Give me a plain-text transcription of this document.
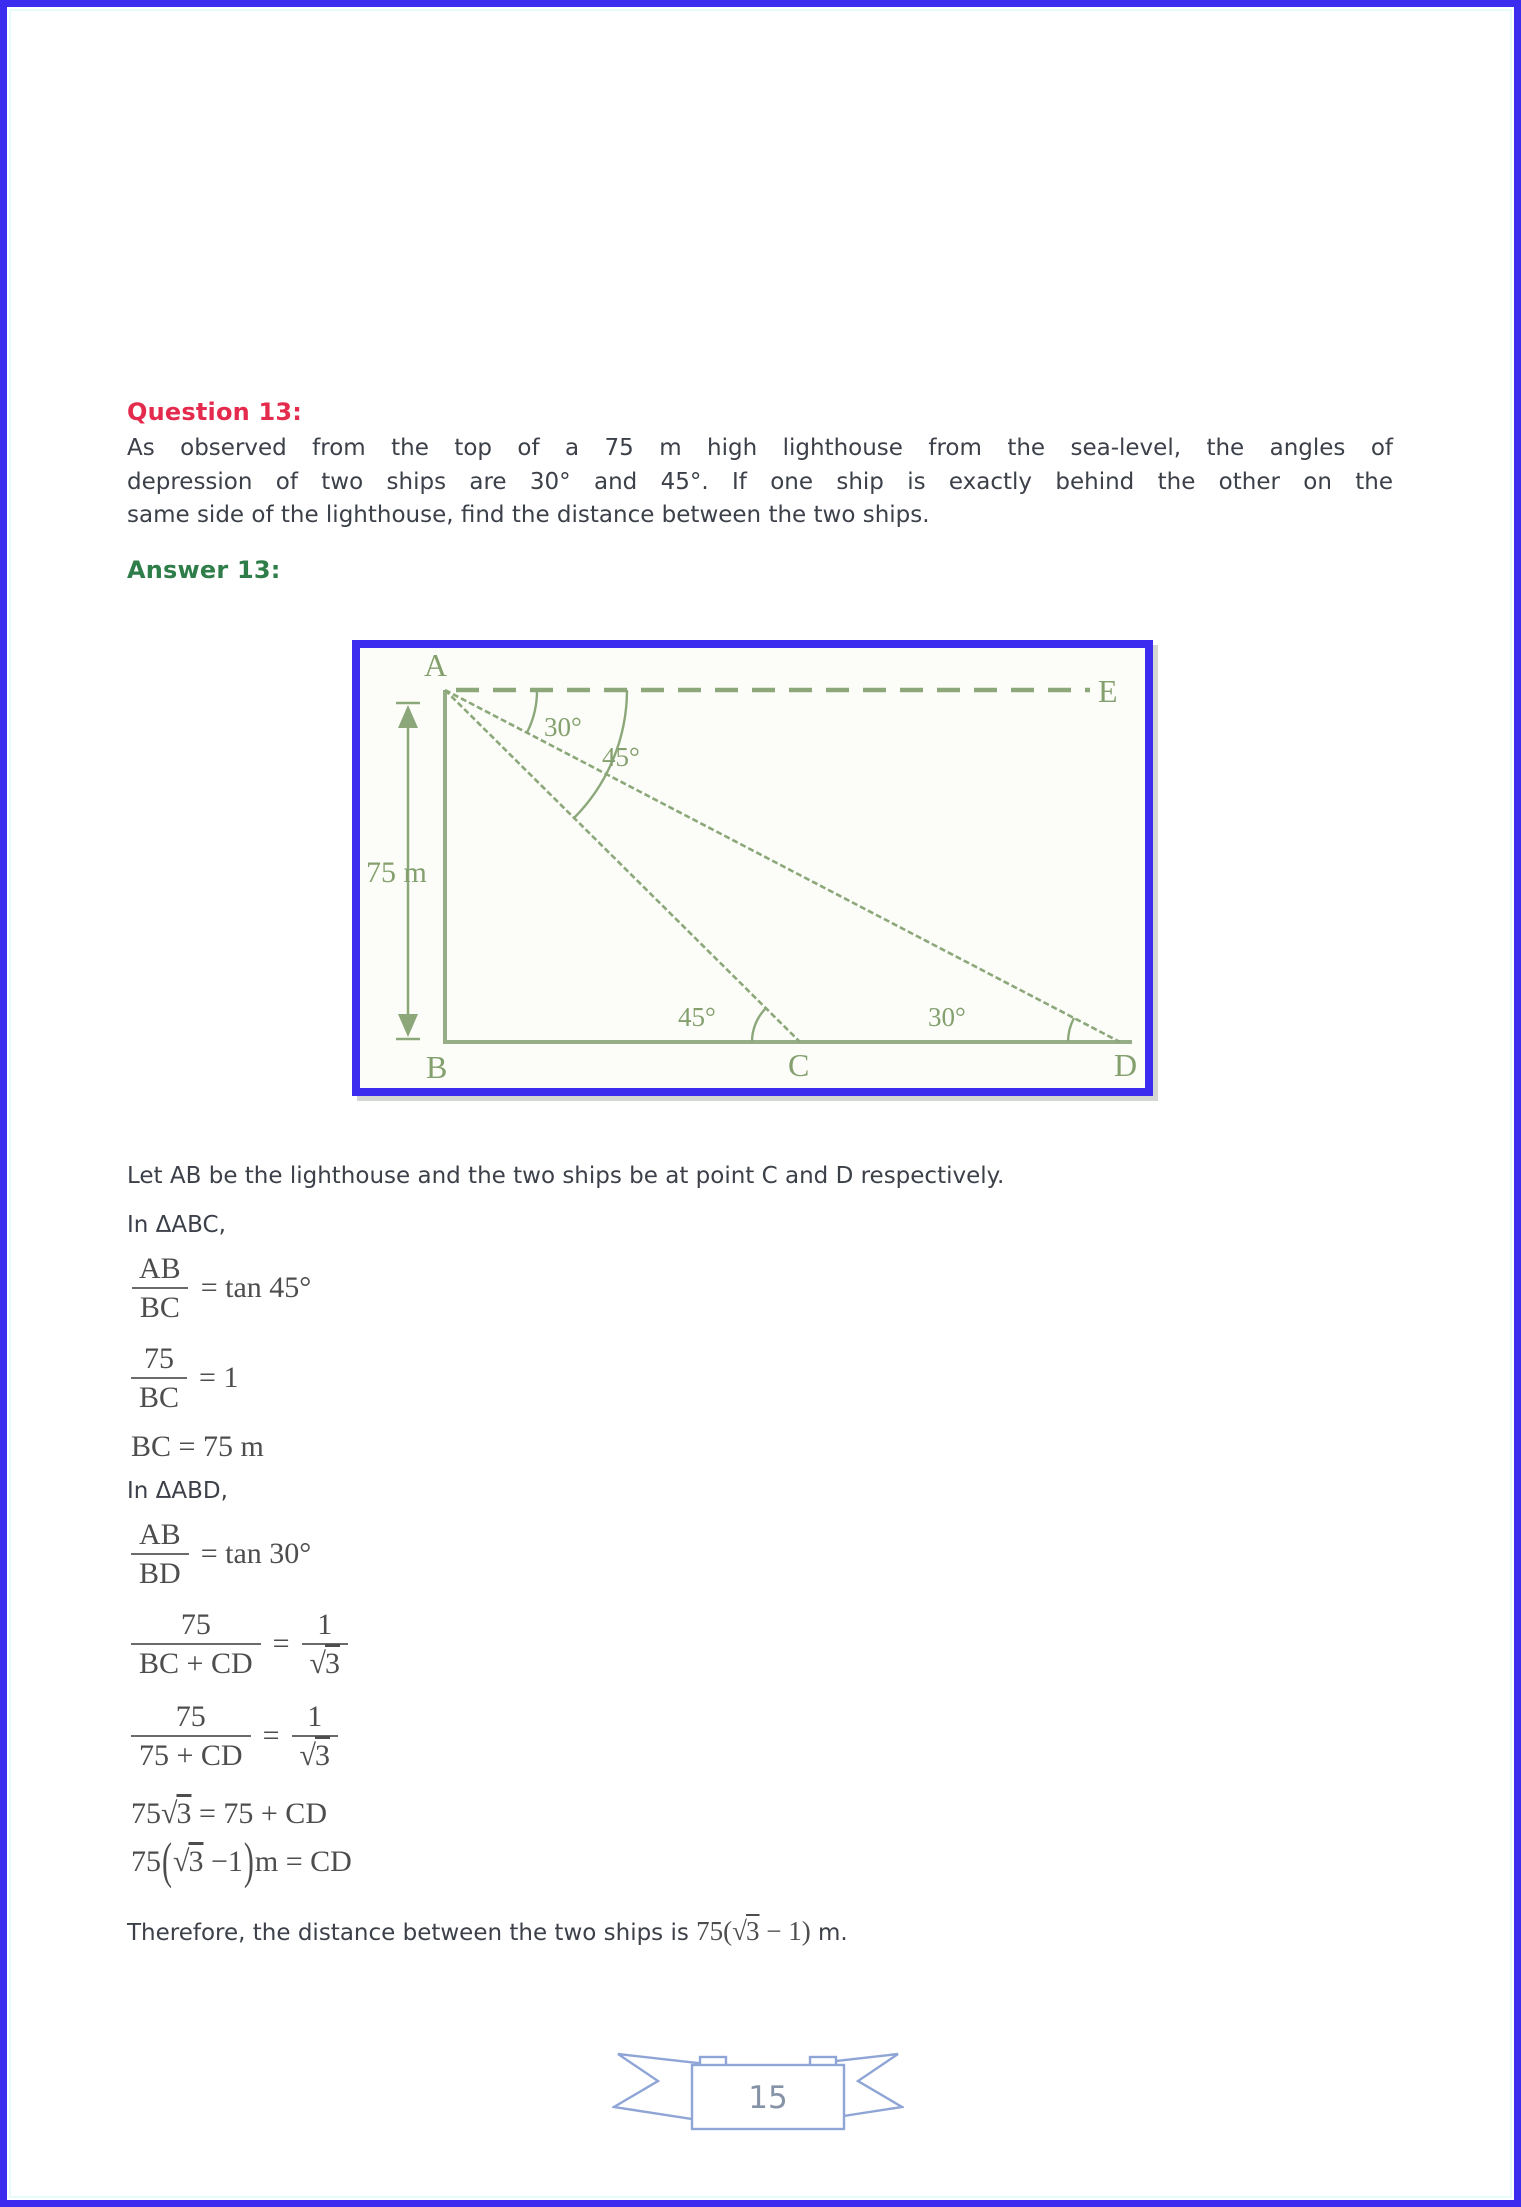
Question 13:
As observed from the top of a 75 m high lighthouse from the sea-level, the angles of
depression of two ships are 30° and 45°. If one ship is exactly behind the other on the
same side of the lighthouse, find the distance between the two ships.
Answer 13:
A
B	C	D
E
75 m
30°
45°
45°	30°
Let AB be the lighthouse and the two ships be at point C and D respectively.
In ΔABC,
$\frac{AB}{BC} = \tan 45^\circ$
$\frac{75}{BC} = 1$
BC = 75 m
In ΔABD,
$\frac{AB}{BD} = \tan 30^\circ$
$\frac{75}{BC + CD} = \frac{1}{√3}$
$\frac{75}{75 + CD} = \frac{1}{√3}$
75√3 = 75 + CD
75(√3 −1)m = CD
Therefore, the distance between the two ships is 75(√3 − 1) m.
15
